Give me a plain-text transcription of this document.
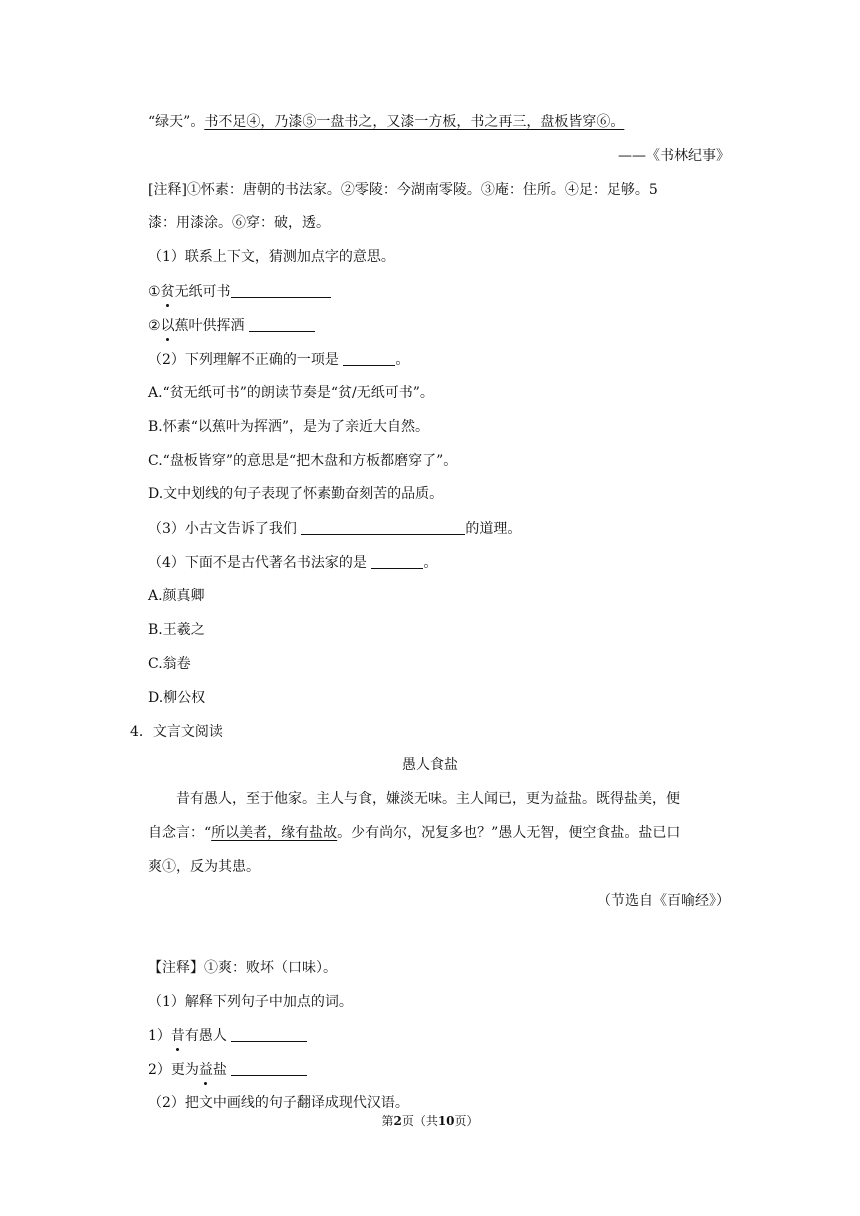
“绿天”。书不足④，乃漆⑤一盘书之，又漆一方板，书之再三，盘板皆穿⑥。
——《书林纪事》
[注释]①怀素：唐朝的书法家。②零陵：今湖南零陵。③庵：住所。④足：足够。5
漆：用漆涂。⑥穿：破，透。
（1）联系上下文，猜测加点字的意思。
①贫无纸可书
②以蕉叶供挥洒
（2）下列理解不正确的一项是	。
A.“贫无纸可书”的朗读节奏是“贫/无纸可书”。
B.怀素“以蕉叶为挥洒”，是为了亲近大自然。
C.“盘板皆穿”的意思是“把木盘和方板都磨穿了”。
D.文中划线的句子表现了怀素勤奋刻苦的品质。
（3）小古文告诉了我们	的道理。
（4）下面不是古代著名书法家的是	。
A.颜真卿
B.王羲之
C.翁卷
D.柳公权
4．文言文阅读
愚人食盐
昔有愚人，至于他家。主人与食，嫌淡无味。主人闻已，更为益盐。既得盐美，便
自念言：“所以美者，缘有盐故。少有尚尔，况复多也？”愚人无智，便空食盐。盐已口
爽①，反为其患。
（节选自《百喻经》）
【注释】①爽：败坏（口味）。
（1）解释下列句子中加点的词。
1）昔有愚人
2）更为益盐
（2）把文中画线的句子翻译成现代汉语。
第2页（共10页）
